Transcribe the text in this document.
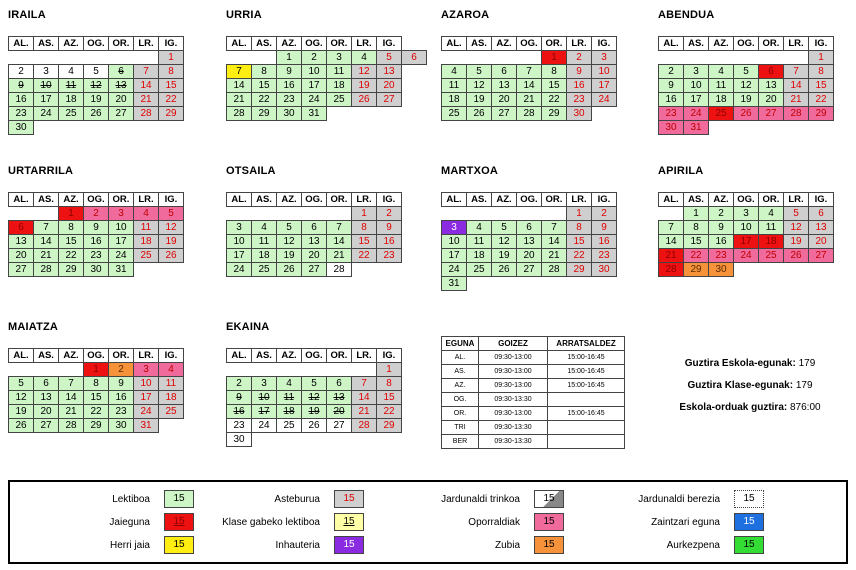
IRAILA
AL.	AS.	AZ.	OG.	OR.	LR.	IG.
						1
2	3	4	5	6	7	8
9	10	11	12	13	14	15
16	17	18	19	20	21	22
23	24	25	26	27	28	29
30						
URRIA
AL.	AS.	AZ.	OG.	OR.	LR.	IG.	
		1	2	3	4	5	6
7	8	9	10	11	12	13	
14	15	16	17	18	19	20	
21	22	23	24	25	26	27	
28	29	30	31				
AZAROA
AL.	AS.	AZ.	OG.	OR.	LR.	IG.
				1	2	3
4	5	6	7	8	9	10
11	12	13	14	15	16	17
18	19	20	21	22	23	24
25	26	27	28	29	30	
ABENDUA
AL.	AS.	AZ.	OG.	OR.	LR.	IG.
						1
2	3	4	5	6	7	8
9	10	11	12	13	14	15
16	17	18	19	20	21	22
23	24	25	26	27	28	29
30	31					
URTARRILA
AL.	AS.	AZ.	OG.	OR.	LR.	IG.
		1	2	3	4	5
6	7	8	9	10	11	12
13	14	15	16	17	18	19
20	21	22	23	24	25	26
27	28	29	30	31		
OTSAILA
AL.	AS.	AZ.	OG.	OR.	LR.	IG.
					1	2
3	4	5	6	7	8	9
10	11	12	13	14	15	16
17	18	19	20	21	22	23
24	25	26	27	28		
MARTXOA
AL.	AS.	AZ.	OG.	OR.	LR.	IG.
					1	2
3	4	5	6	7	8	9
10	11	12	13	14	15	16
17	18	19	20	21	22	23
24	25	26	27	28	29	30
31						
APIRILA
AL.	AS.	AZ.	OG.	OR.	LR.	IG.
	1	2	3	4	5	6
7	8	9	10	11	12	13
14	15	16	17	18	19	20
21	22	23	24	25	26	27
28	29	30				
MAIATZA
AL.	AS.	AZ.	OG.	OR.	LR.	IG.
			1	2	3	4
5	6	7	8	9	10	11
12	13	14	15	16	17	18
19	20	21	22	23	24	25
26	27	28	29	30	31	
EKAINA
AL.	AS.	AZ.	OG.	OR.	LR.	IG.
						1
2	3	4	5	6	7	8
9	10	11	12	13	14	15
16	17	18	19	20	21	22
23	24	25	26	27	28	29
30						
EGUNA	GOIZEZ	ARRATSALDEZ
AL.	09:30-13:00	15:00-16:45
AS.	09:30-13:00	15:00-16:45
AZ.	09:30-13:00	15:00-16:45
OG.	09:30-13:30	
OR.	09:30-13:00	15:00-16:45
TRI	09:30-13:30	
BER	09:30-13:30	
Guztira Eskola-egunak: 179
Guztira Klase-egunak: 179
Eskola-orduak guztira: 876:00
Lektiboa	15
Jaieguna	15
Herri jaia	15
Asteburua	15
Klase gabeko lektiboa	15
Inhauteria	15
Jardunaldi trinkoa	15
Oporraldiak	15
Zubia	15
Jardunaldi berezia	15
Zaintzari eguna	15
Aurkezpena	15
